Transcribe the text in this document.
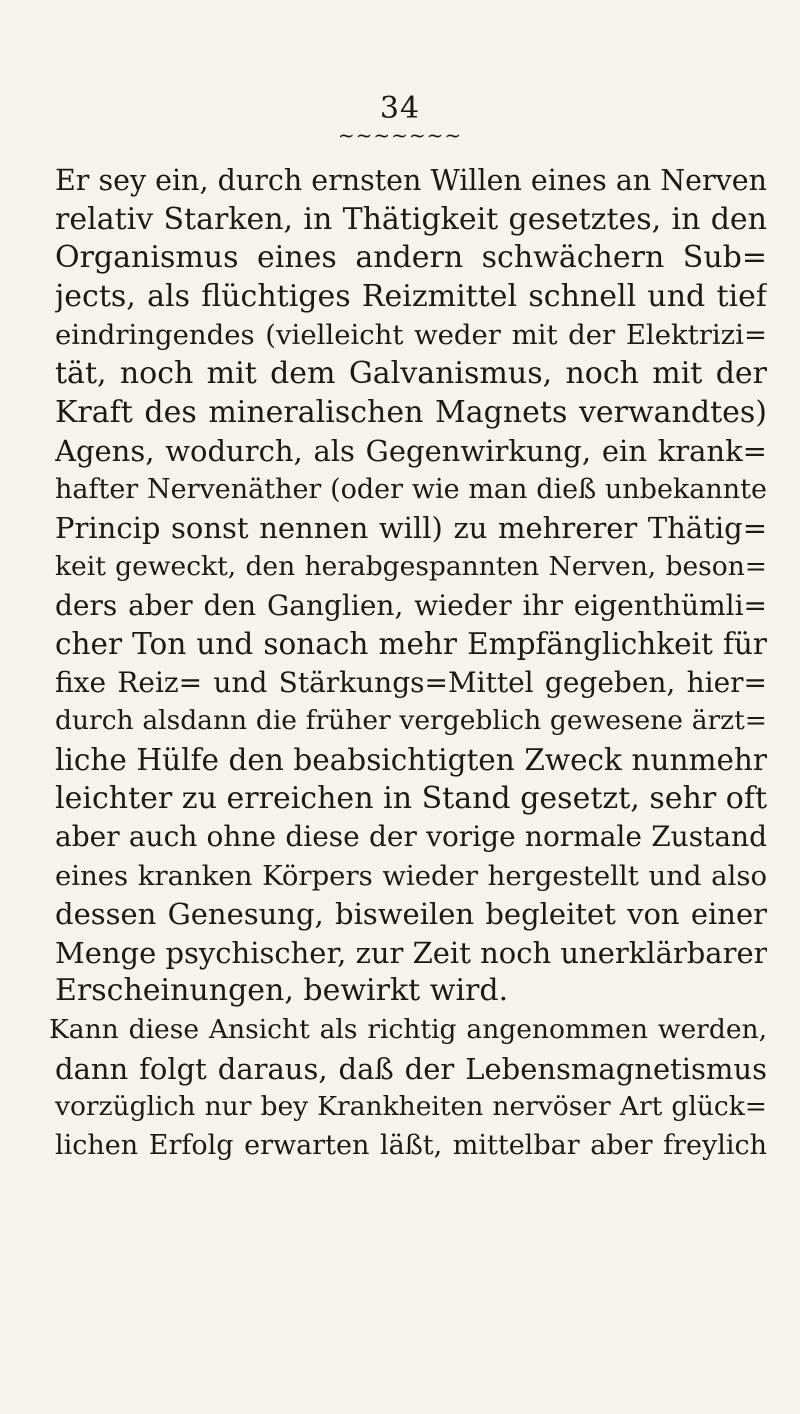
34
~~~~~~~
Er sey ein, durch ernsten Willen eines an Nerven
relativ Starken, in Thätigkeit gesetztes, in den
Organismus eines andern schwächern Sub=
jects, als flüchtiges Reizmittel schnell und tief
eindringendes (vielleicht weder mit der Elektrizi=
tät, noch mit dem Galvanismus, noch mit der
Kraft des mineralischen Magnets verwandtes)
Agens, wodurch, als Gegenwirkung, ein krank=
hafter Nervenäther (oder wie man dieß unbekannte
Princip sonst nennen will) zu mehrerer Thätig=
keit geweckt, den herabgespannten Nerven, beson=
ders aber den Ganglien, wieder ihr eigenthümli=
cher Ton und sonach mehr Empfänglichkeit für
fixe Reiz= und Stärkungs=Mittel gegeben, hier=
durch alsdann die früher vergeblich gewesene ärzt=
liche Hülfe den beabsichtigten Zweck nunmehr
leichter zu erreichen in Stand gesetzt, sehr oft
aber auch ohne diese der vorige normale Zustand
eines kranken Körpers wieder hergestellt und also
dessen Genesung, bisweilen begleitet von einer
Menge psychischer, zur Zeit noch unerklärbarer
Erscheinungen, bewirkt wird.
Kann diese Ansicht als richtig angenommen werden,
dann folgt daraus, daß der Lebensmagnetismus
vorzüglich nur bey Krankheiten nervöser Art glück=
lichen Erfolg erwarten läßt, mittelbar aber freylich
